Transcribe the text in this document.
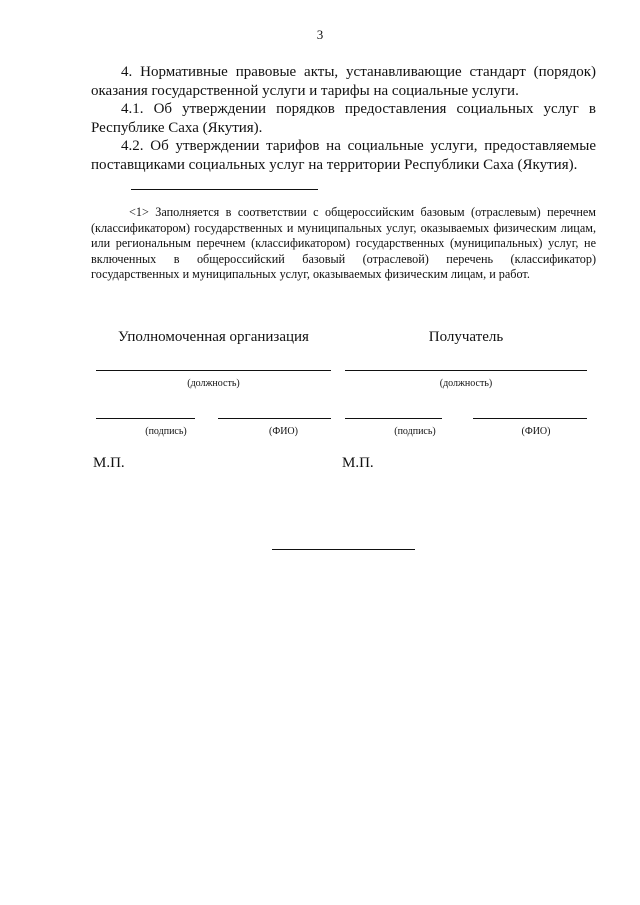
3

4. Нормативные правовые акты, устанавливающие стандарт (порядок) оказания государственной услуги и тарифы на социальные услуги.

4.1. Об утверждении порядков предоставления социальных услуг в Республике Саха (Якутия).

4.2. Об утверждении тарифов на социальные услуги, предоставляемые поставщиками социальных услуг на территории Республики Саха (Якутия).

<1> Заполняется в соответствии с общероссийским базовым (отраслевым) перечнем (классификатором) государственных и муниципальных услуг, оказываемых физическим лицам, или региональным перечнем (классификатором) государственных (муниципальных) услуг, не включенных в общероссийский базовый (отраслевой) перечень (классификатор) государственных и муниципальных услуг, оказываемых физическим лицам, и работ.

Уполномоченная организация

(должность)
(подпись)	(ФИО)
М.П.

Получатель

(должность)
(подпись)	(ФИО)
М.П.
